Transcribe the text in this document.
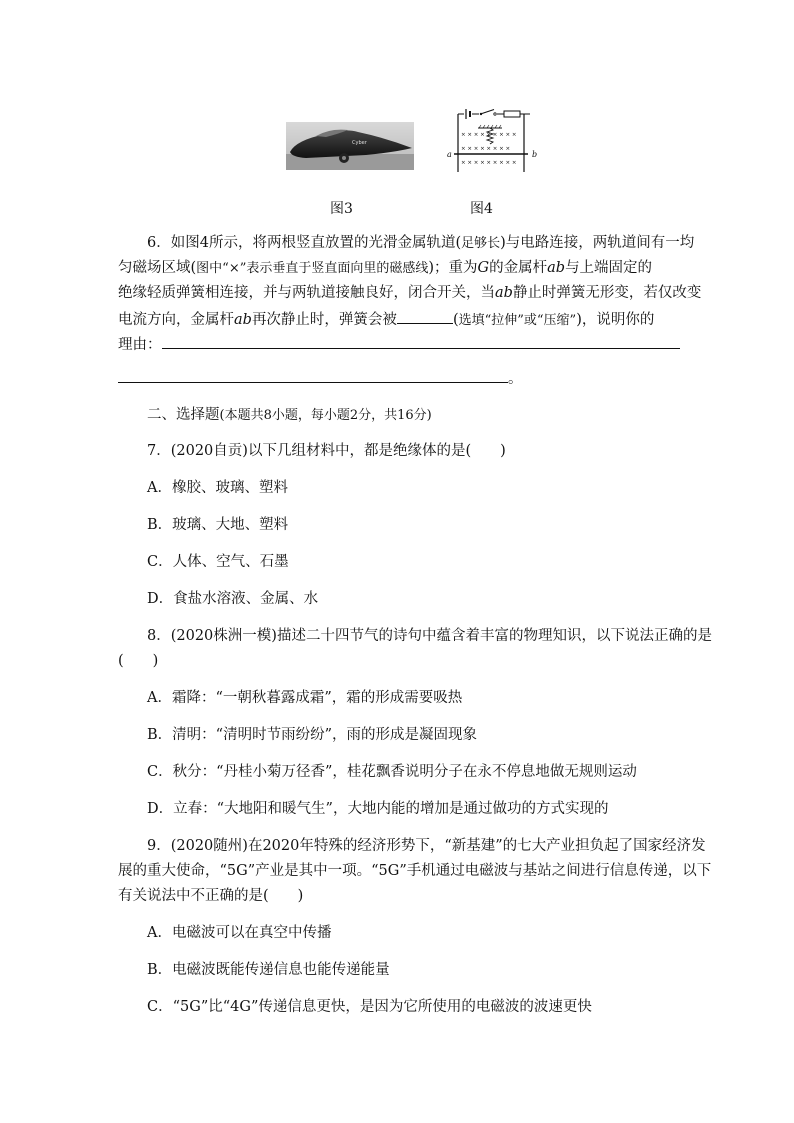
Cyber
× × × × × × × × ×
× × × × × × × ×
× × × × × × × × ×
a	b
图3	图4
6．如图4所示，将两根竖直放置的光滑金属轨道(足够长)与电路连接，两轨道间有一均
匀磁场区域(图中“×”表示垂直于竖直面向里的磁感线)；重为G的金属杆ab与上端固定的
绝缘轻质弹簧相连接，并与两轨道接触良好，闭合开关，当ab静止时弹簧无形变，若仅改变
电流方向，金属杆ab再次静止时，弹簧会被	(选填“拉伸”或“压缩”)，说明你的
理由：
。
二、选择题(本题共8小题，每小题2分，共16分)
7．(2020自贡)以下几组材料中，都是绝缘体的是(　　)
A．橡胶、玻璃、塑料
B．玻璃、大地、塑料
C．人体、空气、石墨
D．食盐水溶液、金属、水
8．(2020株洲一模)描述二十四节气的诗句中蕴含着丰富的物理知识，以下说法正确的是
(　　)
A．霜降：“一朝秋暮露成霜”，霜的形成需要吸热
B．清明：“清明时节雨纷纷”，雨的形成是凝固现象
C．秋分：“丹桂小菊万径香”，桂花飘香说明分子在永不停息地做无规则运动
D．立春：“大地阳和暖气生”，大地内能的增加是通过做功的方式实现的
9．(2020随州)在2020年特殊的经济形势下，“新基建”的七大产业担负起了国家经济发
展的重大使命，“5G”产业是其中一项。“5G”手机通过电磁波与基站之间进行信息传递，以下
有关说法中不正确的是(　　)
A．电磁波可以在真空中传播
B．电磁波既能传递信息也能传递能量
C．“5G”比“4G”传递信息更快，是因为它所使用的电磁波的波速更快
